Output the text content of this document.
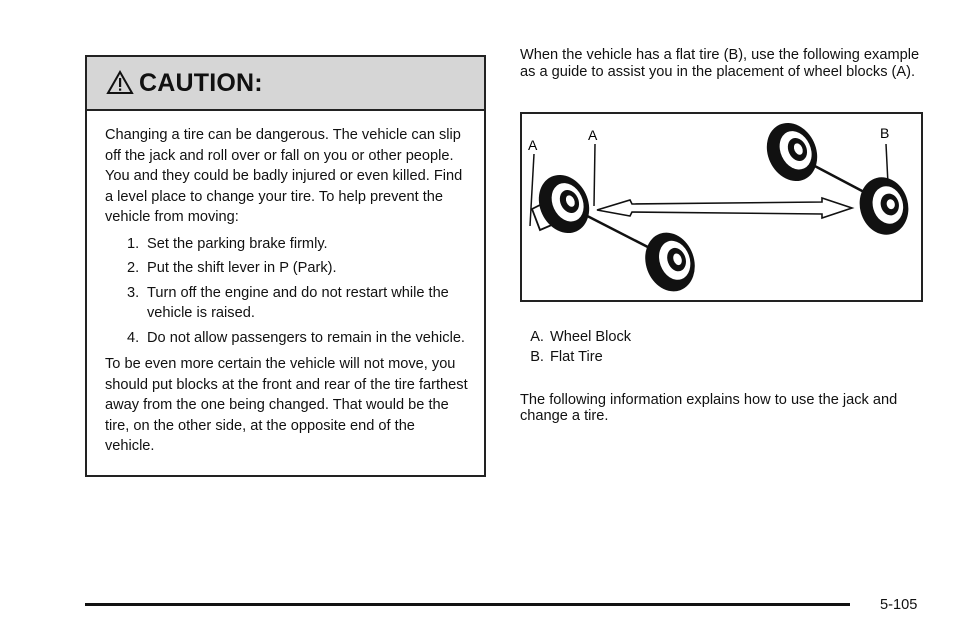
CAUTION:

Changing a tire can be dangerous. The vehicle can slip off the jack and roll over or fall on you or other people. You and they could be badly injured or even killed. Find a level place to change your tire. To help prevent the vehicle from moving:

1. Set the parking brake firmly.
2. Put the shift lever in P (Park).
3. Turn off the engine and do not restart while the vehicle is raised.
4. Do not allow passengers to remain in the vehicle.

To be even more certain the vehicle will not move, you should put blocks at the front and rear of the tire farthest away from the one being changed. That would be the tire, on the other side, at the opposite end of the vehicle.

When the vehicle has a flat tire (B), use the following example as a guide to assist you in the placement of wheel blocks (A).

A
A	B
A. Wheel Block
B. Flat Tire

The following information explains how to use the jack and change a tire.

5-105
